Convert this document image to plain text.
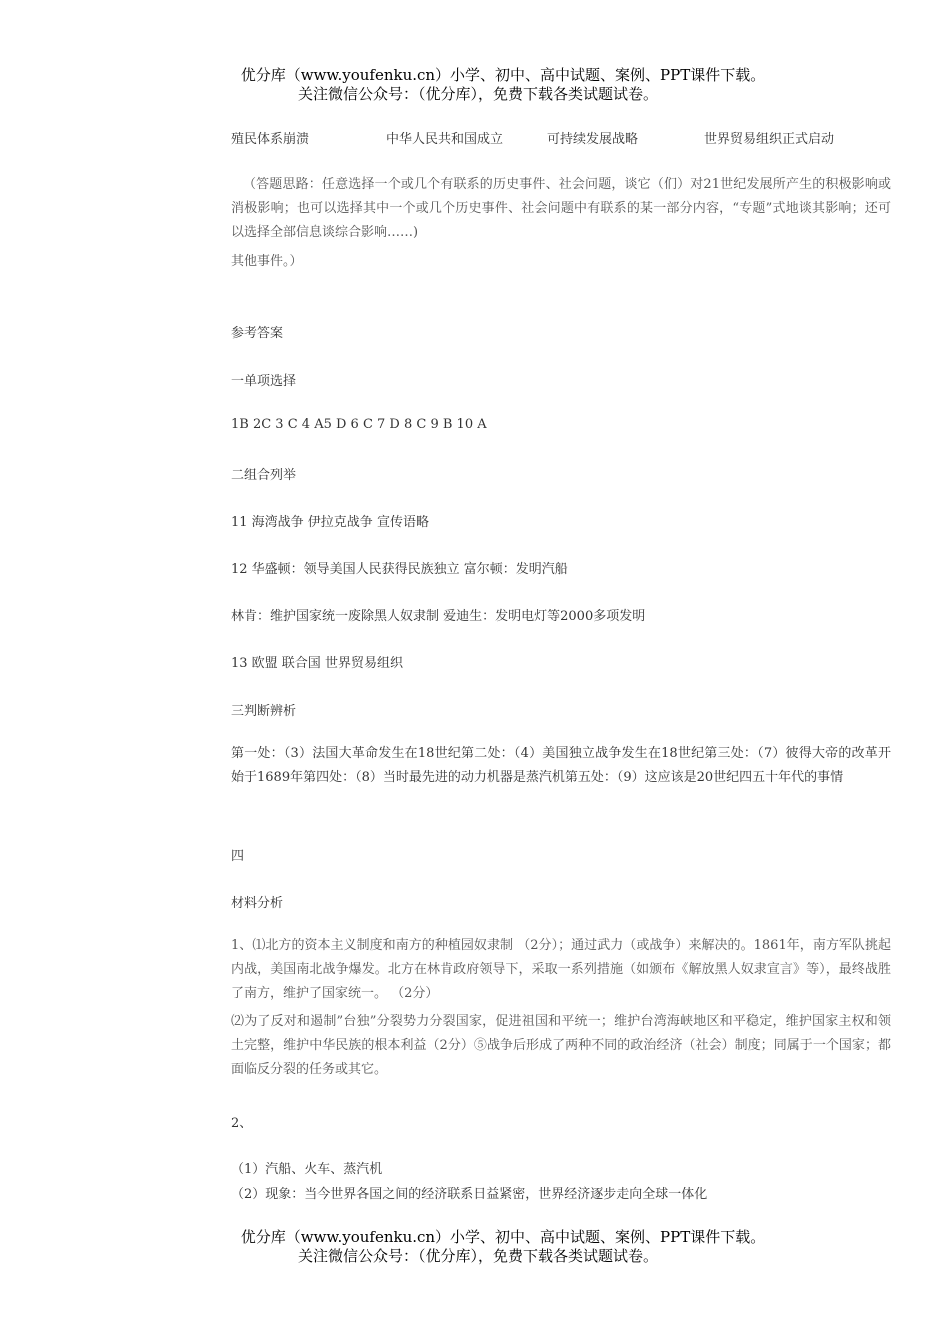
优分库（www.youfenku.cn）小学、初中、高中试题、案例、PPT课件下载。
关注微信公众号：（优分库），免费下载各类试题试卷。
殖民体系崩溃	中华人民共和国成立	可持续发展战略	世界贸易组织正式启动
（答题思路：任意选择一个或几个有联系的历史事件、社会问题，谈它（们）对21世纪发展所产生的积极影响或消极影响；也可以选择其中一个或几个历史事件、社会问题中有联系的某一部分内容，“专题”式地谈其影响；还可以选择全部信息谈综合影响……)
其他事件。）
参考答案
一单项选择
1B 2C 3 C 4 A5 D 6 C 7 D 8 C 9 B 10 A
二组合列举
11 海湾战争 伊拉克战争 宣传语略
12 华盛顿：领导美国人民获得民族独立 富尔顿：发明汽船
林肯：维护国家统一废除黑人奴隶制 爱迪生：发明电灯等2000多项发明
13 欧盟 联合国 世界贸易组织
三判断辨析
第一处：（3）法国大革命发生在18世纪第二处：（4）美国独立战争发生在18世纪第三处：（7）彼得大帝的改革开始于1689年第四处：（8）当时最先进的动力机器是蒸汽机第五处：（9）这应该是20世纪四五十年代的事情
四
材料分析
1、⑴北方的资本主义制度和南方的种植园奴隶制 （2分）；通过武力（或战争）来解决的。1861年，南方军队挑起内战，美国南北战争爆发。北方在林肯政府领导下，采取一系列措施（如颁布《解放黑人奴隶宣言》等），最终战胜了南方，维护了国家统一。 （2分）
⑵为了反对和遏制”台独”分裂势力分裂国家，促进祖国和平统一；维护台湾海峡地区和平稳定，维护国家主权和领土完整，维护中华民族的根本利益（2分）⑤战争后形成了两种不同的政治经济（社会）制度；同属于一个国家；都面临反分裂的任务或其它。
2、
（1）汽船、火车、蒸汽机
（2）现象：当今世界各国之间的经济联系日益紧密，世界经济逐步走向全球一体化
优分库（www.youfenku.cn）小学、初中、高中试题、案例、PPT课件下载。
关注微信公众号：（优分库），免费下载各类试题试卷。
